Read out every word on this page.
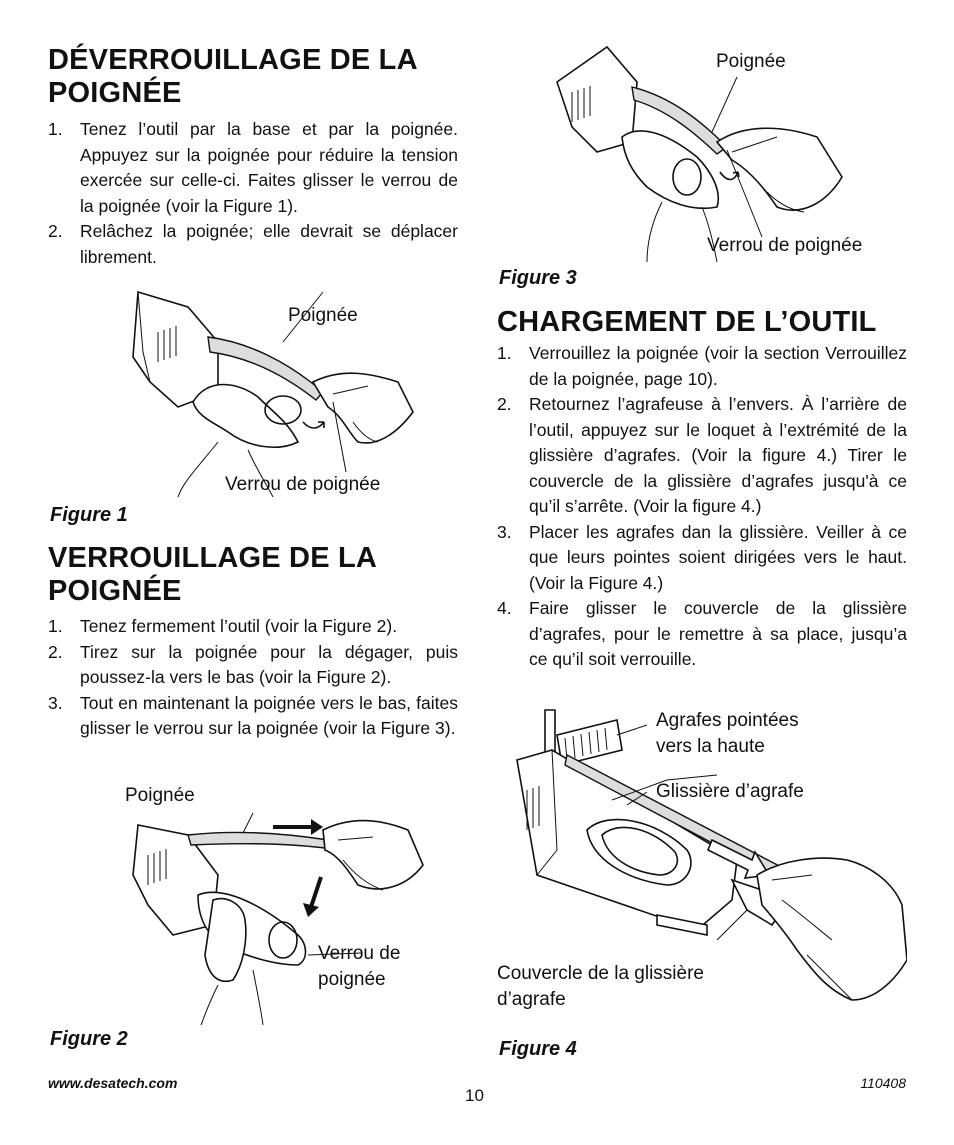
DÉVERROUILLAGE DE LA
POIGNÉE
1. Tenez l’outil par la base et par la poignée. Appuyez sur la poignée pour réduire la tension exercée sur celle-ci. Faites glisser le verrou de la poignée (voir la Figure 1).
2. Relâchez la poignée; elle devrait se déplacer librement.
Poignée
Verrou de poignée
Figure 1
VERROUILLAGE DE LA
POIGNÉE
1. Tenez fermement l’outil (voir la Figure 2).
2. Tirez sur la poignée pour la dégager, puis poussez-la vers le bas (voir la Figure 2).
3. Tout en maintenant la poignée vers le bas, faites glisser le verrou sur la poignée (voir la Figure 3).
Poignée
Verrou de
poignée
Figure 2
Poignée
Verrou de poignée
Figure 3
CHARGEMENT DE L’OUTIL
1. Verrouillez la poignée (voir la section Verrouillez de la poignée, page 10).
2. Retournez l’agrafeuse à l’envers. À l’arrière de l’outil, appuyez sur le loquet à l’extrémité de la glissière d’agrafes. (Voir la figure 4.) Tirer le couvercle de la glissière d’agrafes jusqu'à ce qu’il s’arrête. (Voir la figure 4.)
3. Placer les agrafes dan la glissière. Veiller à ce que leurs pointes soient dirigées vers le haut. (Voir la Figure 4.)
4. Faire glisser le couvercle de la glissière d’agrafes, pour le remettre à sa place, jusqu’a ce qu’il soit verrouille.
Agrafes pointées
vers la haute
Glissière d’agrafe
Couvercle de la glissière
d’agrafe
Figure 4
www.desatech.com
10
110408
